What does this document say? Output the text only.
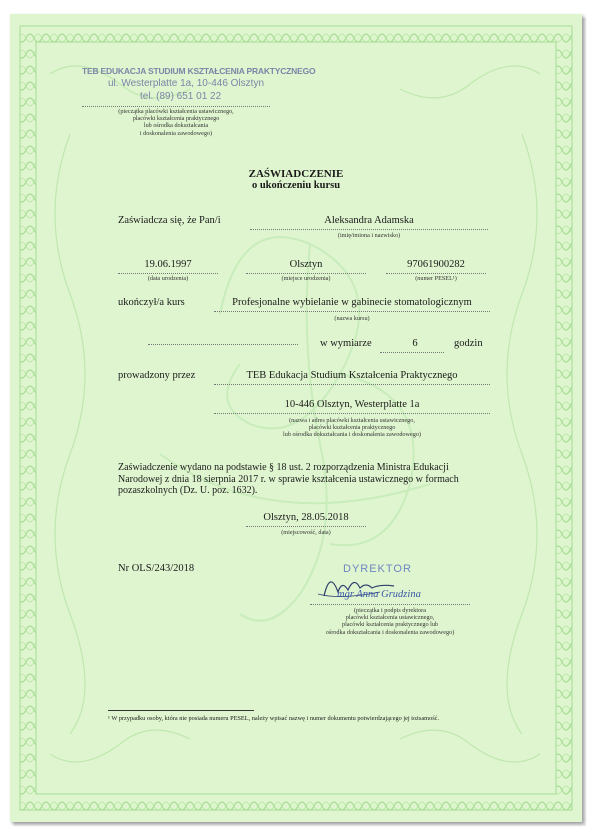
TEB EDUKACJA STUDIUM KSZTAŁCENIA PRAKTYCZNEGO
ul. Westerplatte 1a, 10-446 Olsztyn
tel. (89) 651 01 22
(pieczątka placówki kształcenia ustawicznego,
placówki kształcenia praktycznego
lub ośrodka dokształcania
i doskonalenia zawodowego)
ZAŚWIADCZENIE
o ukończeniu kursu
Zaświadcza się, że Pan/i	Aleksandra Adamska
(imię/imiona i nazwisko)
19.06.1997
(data urodzenia)
Olsztyn
(miejsce urodzenia)
97061900282
(numer PESEL¹)
ukończył/a kurs	Profesjonalne wybielanie w gabinecie stomatologicznym
(nazwa kursu)
w wymiarze	6	godzin
prowadzony przez	TEB Edukacja Studium Kształcenia Praktycznego
10-446 Olsztyn, Westerplatte 1a
(nazwa i adres placówki kształcenia ustawicznego,
placówki kształcenia praktycznego
lub ośrodka dokształcania i doskonalenia zawodowego)
Zaświadczenie wydano na podstawie § 18 ust. 2 rozporządzenia Ministra Edukacji Narodowej z dnia 18 sierpnia 2017 r. w sprawie kształcenia ustawicznego w formach pozaszkolnych (Dz. U. poz. 1632).
Olsztyn, 28.05.2018
(miejscowość, data)
Nr OLS/243/2018	DYREKTOR
mgr Anna Grudzina
(pieczątka i podpis dyrektora
placówki kształcenia ustawicznego,
placówki kształcenia praktycznego lub
ośrodka dokształcania i doskonalenia zawodowego)
¹ W przypadku osoby, która nie posiada numeru PESEL, należy wpisać nazwę i numer dokumentu potwierdzającego jej tożsamość.
